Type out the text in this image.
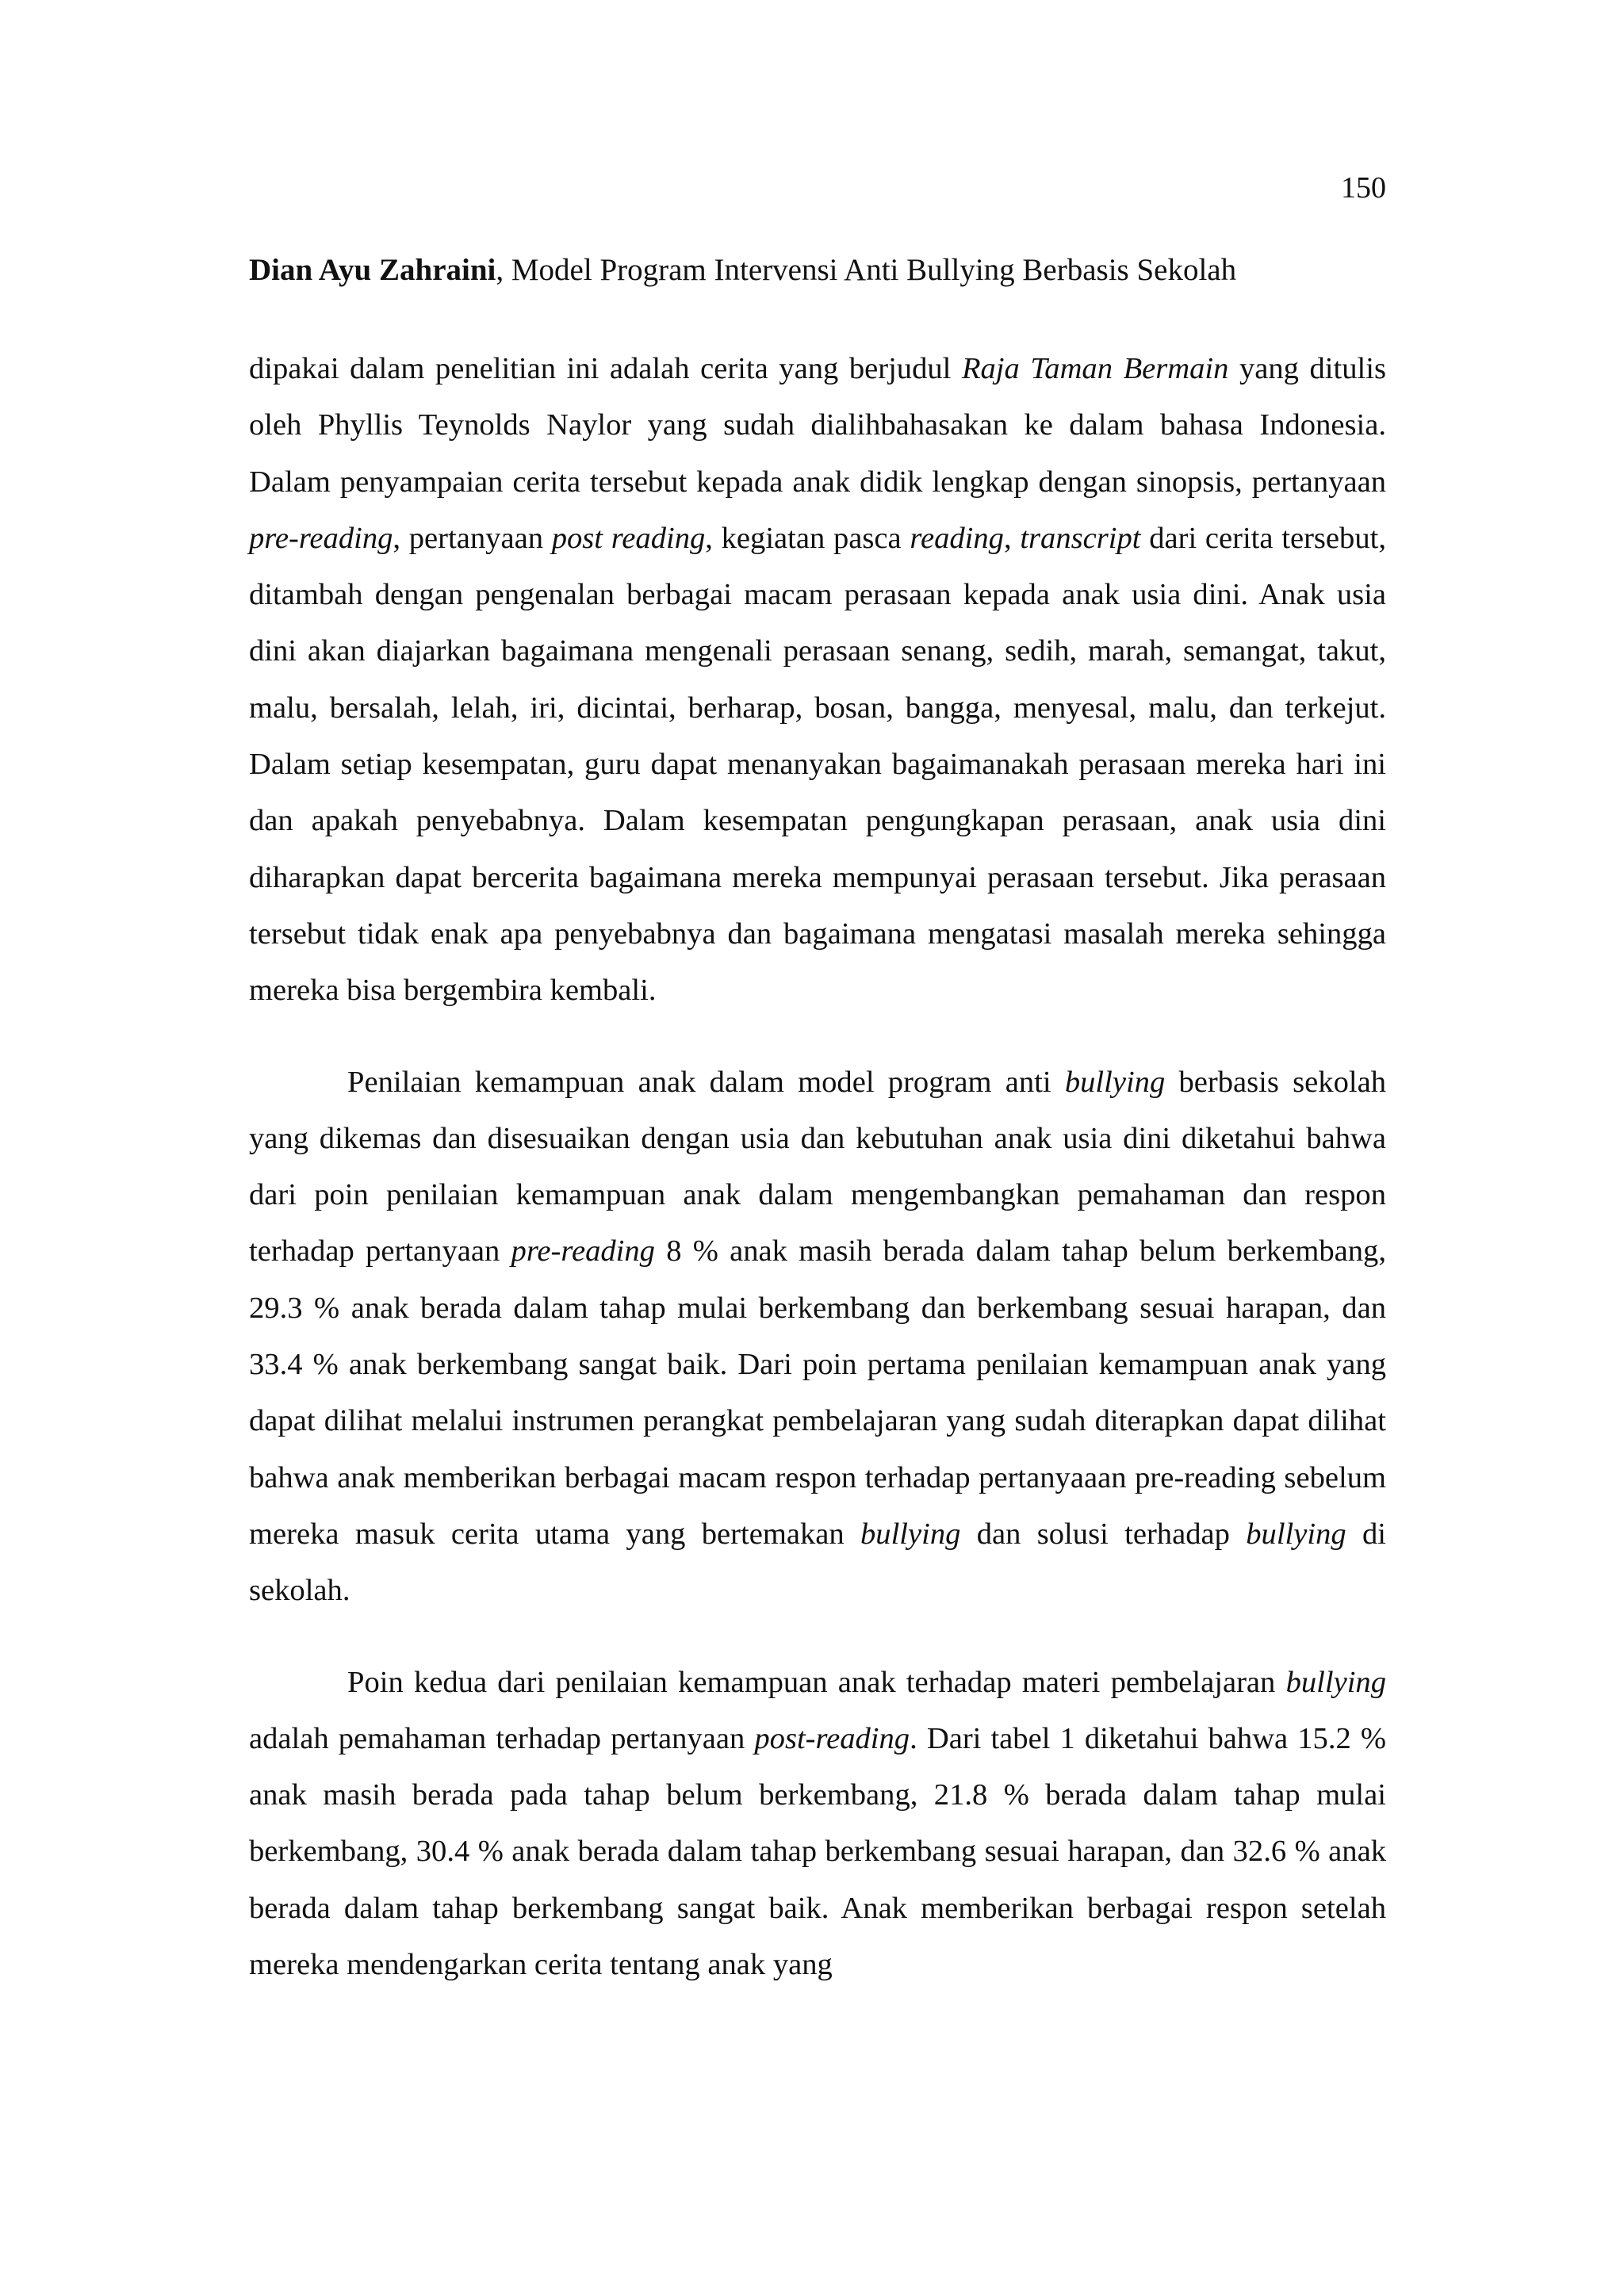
150
Dian Ayu Zahraini, Model Program Intervensi Anti Bullying Berbasis Sekolah

dipakai dalam penelitian ini adalah cerita yang berjudul Raja Taman Bermain yang ditulis oleh Phyllis Teynolds Naylor yang sudah dialihbahasakan ke dalam bahasa Indonesia. Dalam penyampaian cerita tersebut kepada anak didik lengkap dengan sinopsis, pertanyaan pre-reading, pertanyaan post reading, kegiatan pasca reading, transcript dari cerita tersebut, ditambah dengan pengenalan berbagai macam perasaan kepada anak usia dini. Anak usia dini akan diajarkan bagaimana mengenali perasaan senang, sedih, marah, semangat, takut, malu, bersalah, lelah, iri, dicintai, berharap, bosan, bangga, menyesal, malu, dan terkejut. Dalam setiap kesempatan, guru dapat menanyakan bagaimanakah perasaan mereka hari ini dan apakah penyebabnya. Dalam kesempatan pengungkapan perasaan, anak usia dini diharapkan dapat bercerita bagaimana mereka mempunyai perasaan tersebut. Jika perasaan tersebut tidak enak apa penyebabnya dan bagaimana mengatasi masalah mereka sehingga mereka bisa bergembira kembali.

Penilaian kemampuan anak dalam model program anti bullying berbasis sekolah yang dikemas dan disesuaikan dengan usia dan kebutuhan anak usia dini diketahui bahwa dari poin penilaian kemampuan anak dalam mengembangkan pemahaman dan respon terhadap pertanyaan pre-reading 8 % anak masih berada dalam tahap belum berkembang, 29.3 % anak berada dalam tahap mulai berkembang dan berkembang sesuai harapan, dan 33.4 % anak berkembang sangat baik. Dari poin pertama penilaian kemampuan anak yang dapat dilihat melalui instrumen perangkat pembelajaran yang sudah diterapkan dapat dilihat bahwa anak memberikan berbagai macam respon terhadap pertanyaaan pre-reading sebelum mereka masuk cerita utama yang bertemakan bullying dan solusi terhadap bullying di sekolah.

Poin kedua dari penilaian kemampuan anak terhadap materi pembelajaran bullying adalah pemahaman terhadap pertanyaan post-reading. Dari tabel 1 diketahui bahwa 15.2 % anak masih berada pada tahap belum berkembang, 21.8 % berada dalam tahap mulai berkembang, 30.4 % anak berada dalam tahap berkembang sesuai harapan, dan 32.6 % anak berada dalam tahap berkembang sangat baik. Anak memberikan berbagai respon setelah mereka mendengarkan cerita tentang anak yang
